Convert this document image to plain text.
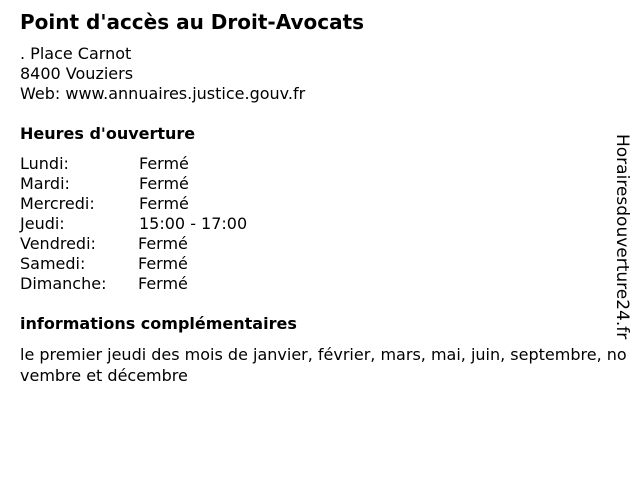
Point d'accès au Droit-Avocats
. Place Carnot
8400 Vouziers
Web: www.annuaires.justice.gouv.fr
Heures d'ouverture
Lundi:	Fermé
Mardi:	Fermé
Mercredi:	Fermé
Jeudi:	15:00 - 17:00
Vendredi:	Fermé
Samedi:	Fermé
Dimanche: Fermé
informations complémentaires
le premier jeudi des mois de janvier, février, mars, mai, juin, septembre, novembre et décembre
Horairesdouverture24.fr
